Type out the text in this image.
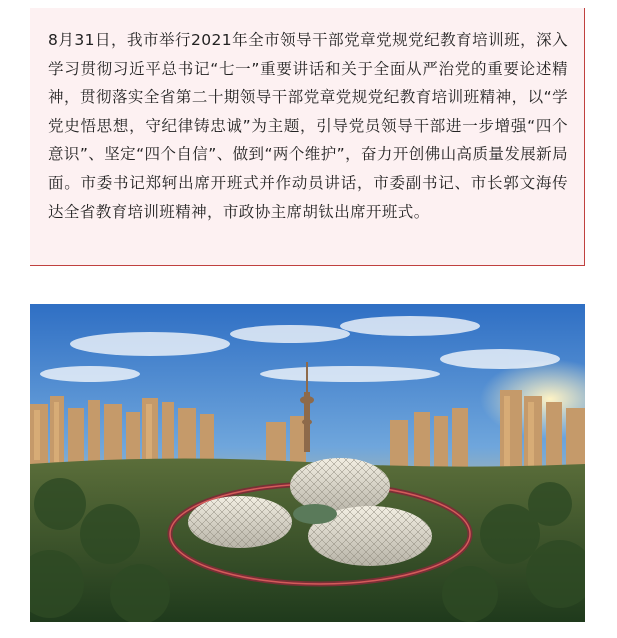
8月31日，我市举行2021年全市领导干部党章党规党纪教育培训班，深入学习贯彻习近平总书记“七一”重要讲话和关于全面从严治党的重要论述精神，贯彻落实全省第二十期领导干部党章党规党纪教育培训班精神，以“学党史悟思想，守纪律铸忠诚”为主题，引导党员领导干部进一步增强“四个意识”、坚定“四个自信”、做到“两个维护”，奋力开创佛山高质量发展新局面。市委书记郑轲出席开班式并作动员讲话，市委副书记、市长郭文海传达全省教育培训班精神，市政协主席胡钛出席开班式。
